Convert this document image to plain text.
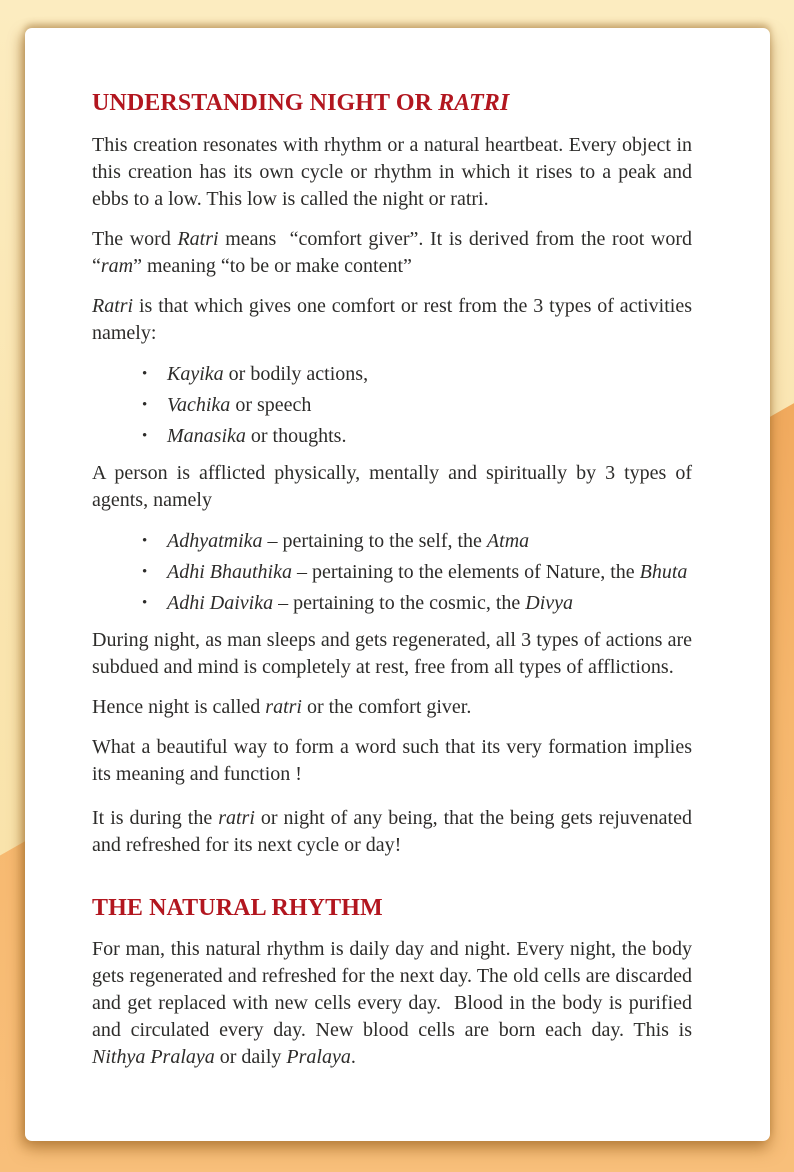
UNDERSTANDING NIGHT OR RATRI

This creation resonates with rhythm or a natural heartbeat. Every object in this creation has its own cycle or rhythm in which it rises to a peak and ebbs to a low. This low is called the night or ratri.

The word Ratri means  “comfort giver”. It is derived from the root word “ram” meaning “to be or make content”

Ratri is that which gives one comfort or rest from the 3 types of activities namely:

• Kayika or bodily actions,
• Vachika or speech
• Manasika or thoughts.

A person is afflicted physically, mentally and spiritually by 3 types of agents, namely

• Adhyatmika – pertaining to the self, the Atma
• Adhi Bhauthika – pertaining to the elements of Nature, the Bhuta
• Adhi Daivika – pertaining to the cosmic, the Divya

During night, as man sleeps and gets regenerated, all 3 types of actions are subdued and mind is completely at rest, free from all types of afflictions.

Hence night is called ratri or the comfort giver.

What a beautiful way to form a word such that its very formation implies its meaning and function !

It is during the ratri or night of any being, that the being gets rejuvenated and refreshed for its next cycle or day!

THE NATURAL RHYTHM

For man, this natural rhythm is daily day and night. Every night, the body gets regenerated and refreshed for the next day. The old cells are discarded and get replaced with new cells every day.  Blood in the body is purified and circulated every day. New blood cells are born each day. This is Nithya Pralaya or daily Pralaya.
